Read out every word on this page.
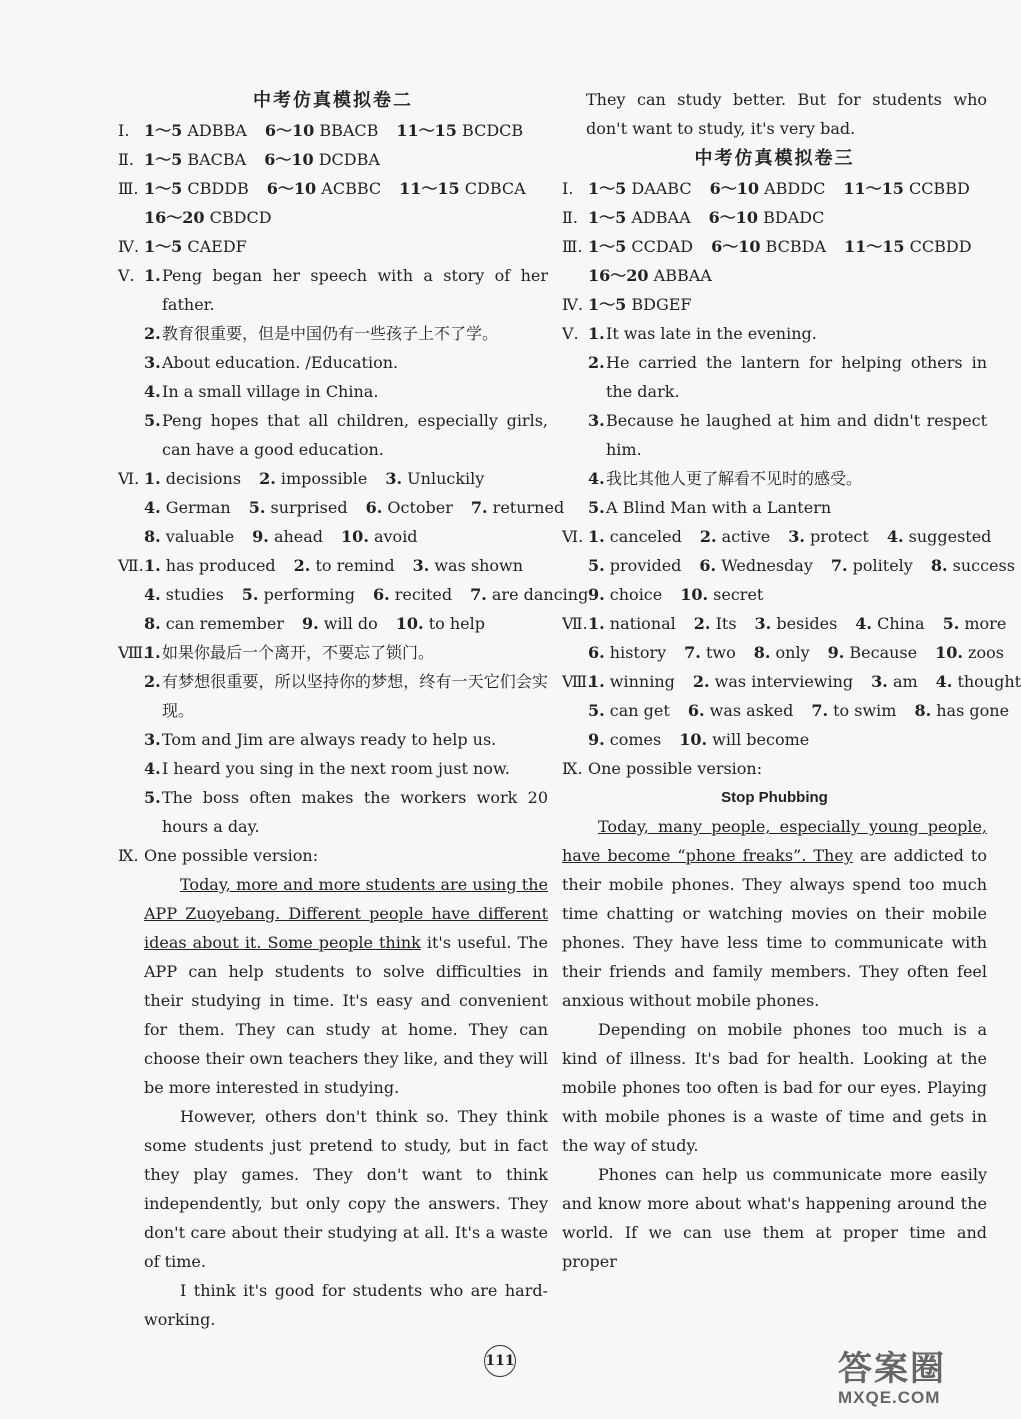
中考仿真模拟卷二
Ⅰ. 1～5 ADBBA 6～10 BBACB 11～15 BCDCB
Ⅱ. 1～5 BACBA 6～10 DCDBA
Ⅲ. 1～5 CBDDB 6～10 ACBBC 11～15 CDBCA
16～20 CBDCD
Ⅳ. 1～5 CAEDF
Ⅴ. 1. Peng began her speech with a story of her father.
2. 教育很重要，但是中国仍有一些孩子上不了学。
3. About education. /Education.
4. In a small village in China.
5. Peng hopes that all children, especially girls, can have a good education.
Ⅵ. 1. decisions 2. impossible 3. Unluckily
4. German 5. surprised 6. October 7. returned
8. valuable 9. ahead 10. avoid
Ⅶ. 1. has produced 2. to remind 3. was shown
4. studies 5. performing 6. recited 7. are dancing
8. can remember 9. will do 10. to help
Ⅷ.
1. 如果你最后一个离开，不要忘了锁门。
2. 有梦想很重要，所以坚持你的梦想，终有一天它们会实现。
3. Tom and Jim are always ready to help us.
4. I heard you sing in the next room just now.
5. The boss often makes the workers work 20 hours a day.
Ⅸ. One possible version:
Today, more and more students are using the APP Zuoyebang. Different people have different ideas about it. Some people think it's useful. The APP can help students to solve difficulties in their studying in time. It's easy and convenient for them. They can study at home. They can choose their own teachers they like, and they will be more interested in studying.
However, others don't think so. They think some students just pretend to study, but in fact they play games. They don't want to think independently, but only copy the answers. They don't care about their studying at all. It's a waste of time.
I think it's good for students who are hard-working.
They can study better. But for students who don't want to study, it's very bad.
中考仿真模拟卷三
Ⅰ. 1～5 DAABC 6～10 ABDDC 11～15 CCBBD
Ⅱ. 1～5 ADBAA 6～10 BDADC
Ⅲ. 1～5 CCDAD 6～10 BCBDA 11～15 CCBDD
16～20 ABBAA
Ⅳ. 1～5 BDGEF
Ⅴ. 1. It was late in the evening.
2. He carried the lantern for helping others in the dark.
3. Because he laughed at him and didn't respect him.
4. 我比其他人更了解看不见时的感受。
5. A Blind Man with a Lantern
Ⅵ. 1. canceled 2. active 3. protect 4. suggested
5. provided 6. Wednesday 7. politely 8. success
9. choice 10. secret
Ⅶ. 1. national 2. Its 3. besides 4. China 5. more
6. history 7. two 8. only 9. Because 10. zoos
Ⅷ.
1. winning 2. was interviewing 3. am 4. thought
5. can get 6. was asked 7. to swim 8. has gone
9. comes 10. will become
Ⅸ. One possible version:
Stop Phubbing
Today, many people, especially young people, have become “phone freaks”. They are addicted to their mobile phones. They always spend too much time chatting or watching movies on their mobile phones. They have less time to communicate with their friends and family members. They often feel anxious without mobile phones.
Depending on mobile phones too much is a kind of illness. It's bad for health. Looking at the mobile phones too often is bad for our eyes. Playing with mobile phones is a waste of time and gets in the way of study.
Phones can help us communicate more easily and know more about what's happening around the world. If we can use them at proper time and proper
111	答案圈
MXQE.COM
